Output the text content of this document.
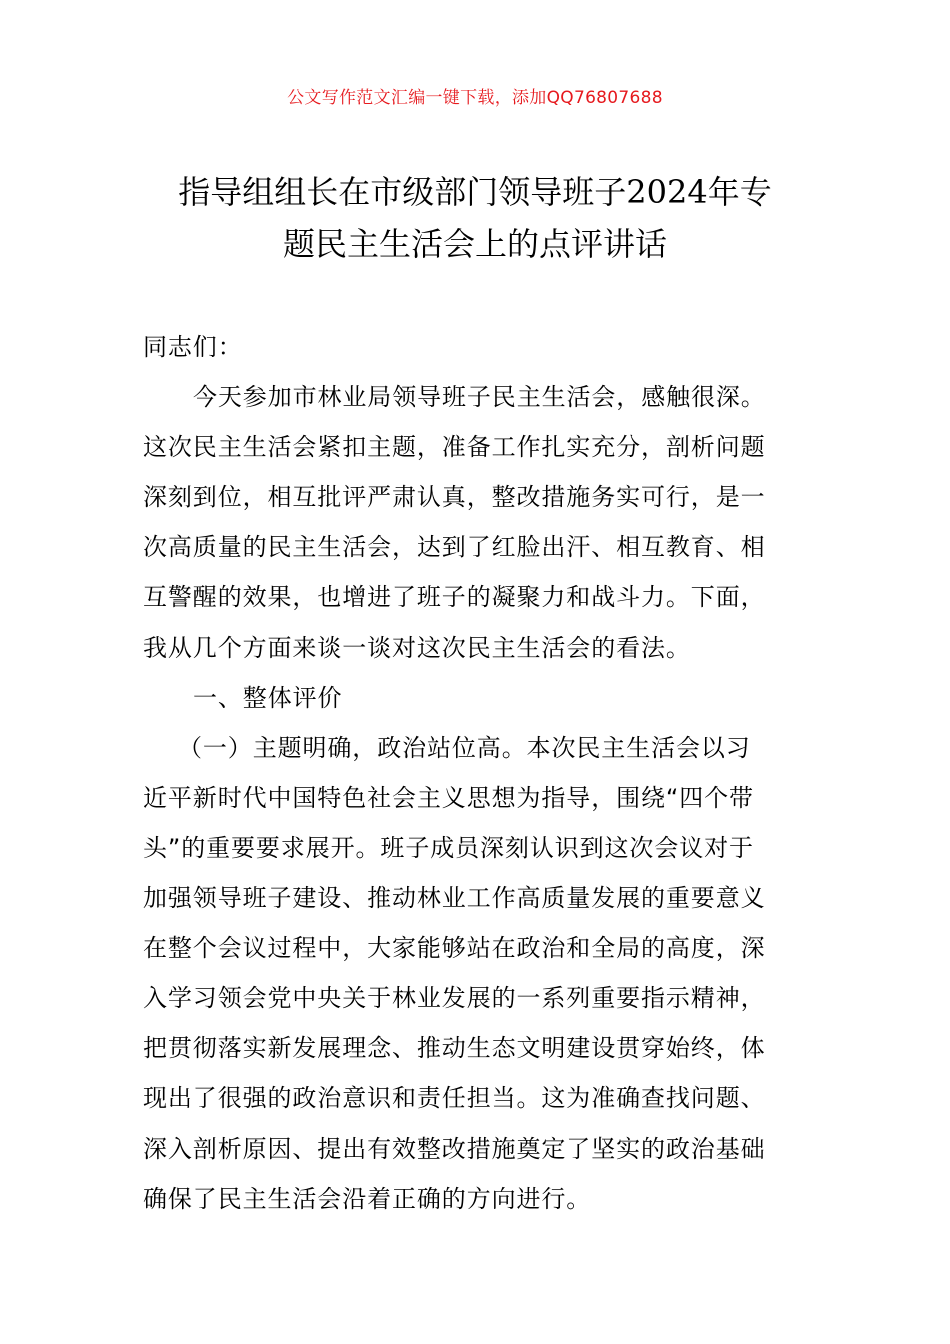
公文写作范文汇编一键下载，添加QQ76807688
指导组组长在市级部门领导班子2024年专
题民主生活会上的点评讲话
同志们：
今天参加市林业局领导班子民主生活会，感触很深。
这次民主生活会紧扣主题，准备工作扎实充分，剖析问题
深刻到位，相互批评严肃认真，整改措施务实可行，是一
次高质量的民主生活会，达到了红脸出汗、相互教育、相
互警醒的效果，也增进了班子的凝聚力和战斗力。下面，
我从几个方面来谈一谈对这次民主生活会的看法。
一、整体评价
（一）主题明确，政治站位高。本次民主生活会以习
近平新时代中国特色社会主义思想为指导，围绕“四个带
头”的重要要求展开。班子成员深刻认识到这次会议对于
加强领导班子建设、推动林业工作高质量发展的重要意义
在整个会议过程中，大家能够站在政治和全局的高度，深
入学习领会党中央关于林业发展的一系列重要指示精神，
把贯彻落实新发展理念、推动生态文明建设贯穿始终，体
现出了很强的政治意识和责任担当。这为准确查找问题、
深入剖析原因、提出有效整改措施奠定了坚实的政治基础
确保了民主生活会沿着正确的方向进行。
